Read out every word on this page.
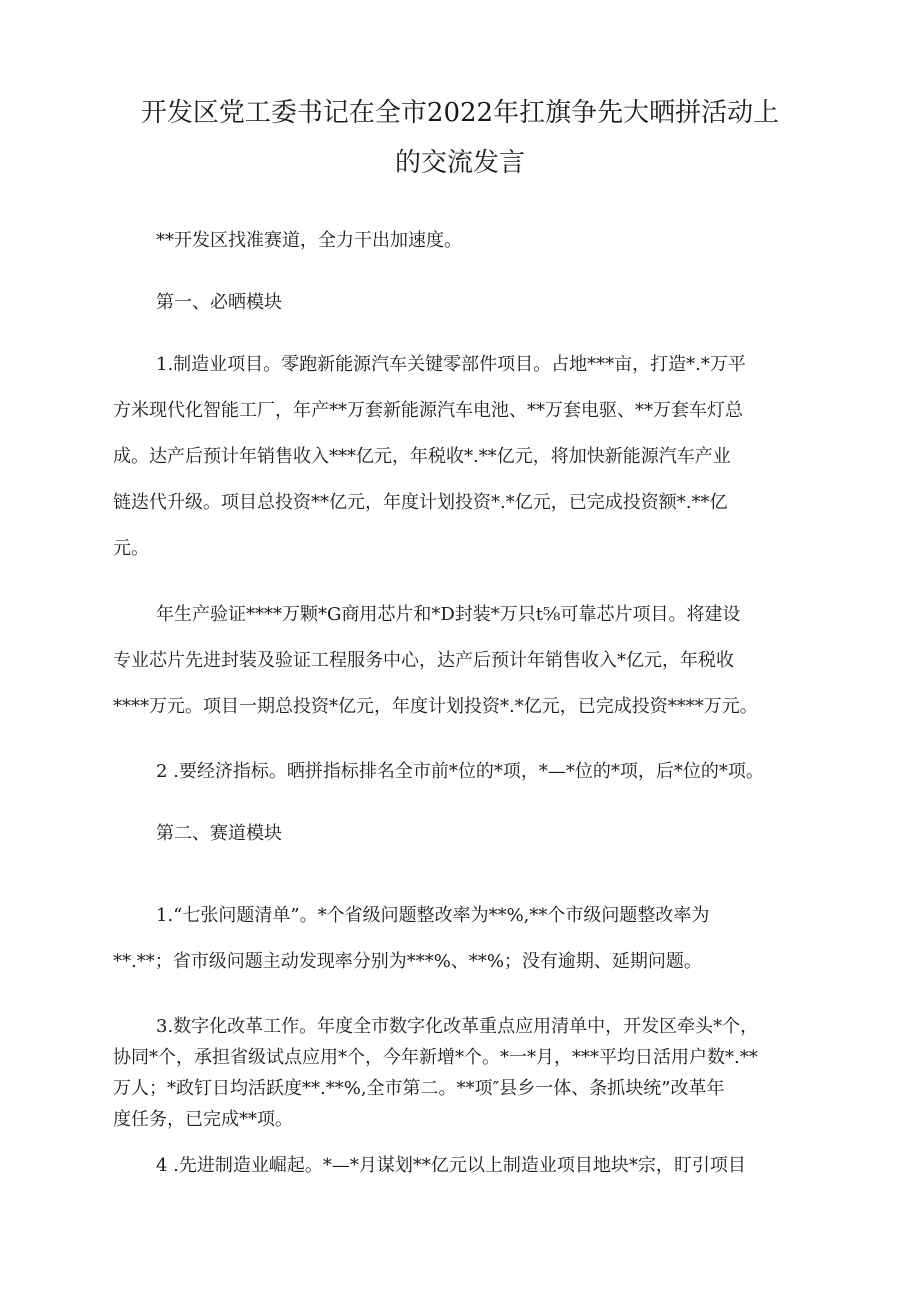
开发区党工委书记在全市2022年扛旗争先大晒拼活动上
的交流发言
**开发区找准赛道，全力干出加速度。
第一、必晒模块
1.制造业项目。零跑新能源汽车关键零部件项目。占地***亩，打造*.*万平
方米现代化智能工厂，年产**万套新能源汽车电池、**万套电驱、**万套车灯总
成。达产后预计年销售收入***亿元，年税收*.**亿元，将加快新能源汽车产业
链迭代升级。项目总投资**亿元，年度计划投资*.*亿元，已完成投资额*.**亿
元。
年生产验证****万颗*G商用芯片和*D封装*万只t⅝可靠芯片项目。将建设
专业芯片先进封装及验证工程服务中心，达产后预计年销售收入*亿元，年税收
****万元。项目一期总投资*亿元，年度计划投资*.*亿元，已完成投资****万元。
2 .要经济指标。晒拼指标排名全市前*位的*项，*—*位的*项，后*位的*项。
第二、赛道模块
1.“七张问题清单”。*个省级问题整改率为**%,**个市级问题整改率为
**.**；省市级问题主动发现率分别为***%、**%；没有逾期、延期问题。
3.数字化改革工作。年度全市数字化改革重点应用清单中，开发区牵头*个，
协同*个，承担省级试点应用*个，今年新增*个。*一*月，***平均日活用户数*.**
万人；*政钉日均活跃度**.**%,全市第二。**项″县乡一体、条抓块统”改革年
度任务，已完成**项。
4 .先进制造业崛起。*—*月谋划**亿元以上制造业项目地块*宗，盯引项目
